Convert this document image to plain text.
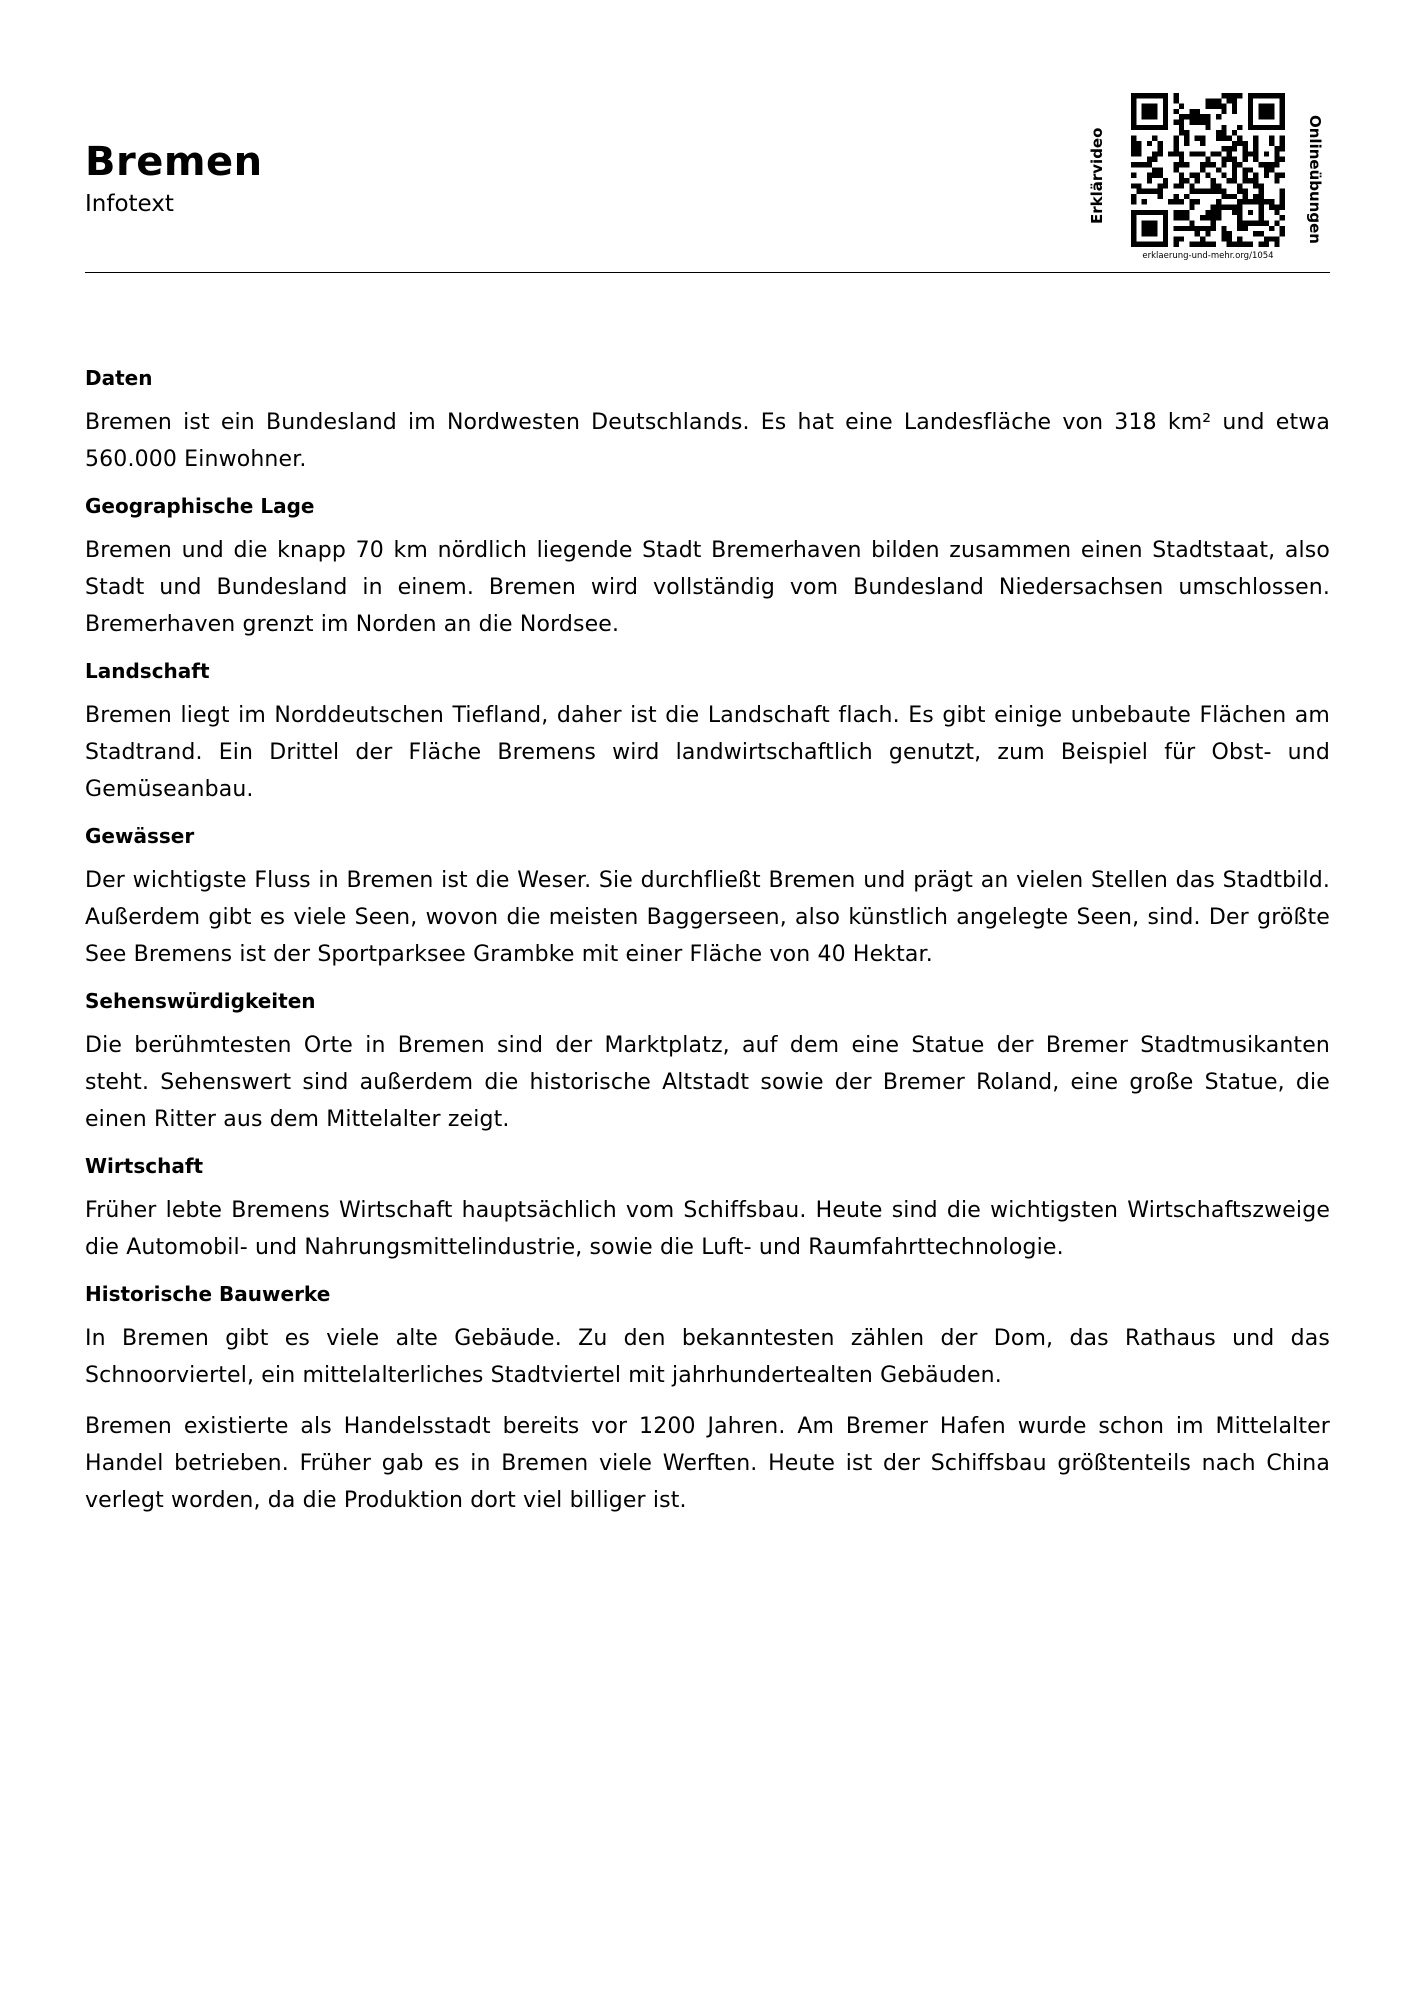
Bremen

Infotext	Erklärvideo	Onlineübungen
erklaerung-und-mehr.org/1054
Daten

Bremen ist ein Bundesland im Nordwesten Deutschlands. Es hat eine Landesfläche von 318 km² und etwa 560.000 Einwohner.

Geographische Lage

Bremen und die knapp 70 km nördlich liegende Stadt Bremerhaven bilden zusammen einen Stadtstaat, also Stadt und Bundesland in einem. Bremen wird vollständig vom Bundesland Niedersachsen umschlossen. Bremerhaven grenzt im Norden an die Nordsee.

Landschaft

Bremen liegt im Norddeutschen Tiefland, daher ist die Landschaft flach. Es gibt einige unbebaute Flächen am Stadtrand. Ein Drittel der Fläche Bremens wird landwirtschaftlich genutzt, zum Beispiel für Obst- und Gemüseanbau.

Gewässer

Der wichtigste Fluss in Bremen ist die Weser. Sie durchfließt Bremen und prägt an vielen Stellen das Stadtbild. Außerdem gibt es viele Seen, wovon die meisten Baggerseen, also künstlich angelegte Seen, sind. Der größte See Bremens ist der Sportparksee Grambke mit einer Fläche von 40 Hektar.

Sehenswürdigkeiten

Die berühmtesten Orte in Bremen sind der Marktplatz, auf dem eine Statue der Bremer Stadtmusikanten steht. Sehenswert sind außerdem die historische Altstadt sowie der Bremer Roland, eine große Statue, die einen Ritter aus dem Mittelalter zeigt.

Wirtschaft

Früher lebte Bremens Wirtschaft hauptsächlich vom Schiffsbau. Heute sind die wichtigsten Wirtschaftszweige die Automobil- und Nahrungsmittelindustrie, sowie die Luft- und Raumfahrttechnologie.

Historische Bauwerke

In Bremen gibt es viele alte Gebäude. Zu den bekanntesten zählen der Dom, das Rathaus und das Schnoorviertel, ein mittelalterliches Stadtviertel mit jahrhundertealten Gebäuden.

Bremen existierte als Handelsstadt bereits vor 1200 Jahren. Am Bremer Hafen wurde schon im Mittelalter Handel betrieben. Früher gab es in Bremen viele Werften. Heute ist der Schiffsbau größtenteils nach China verlegt worden, da die Produktion dort viel billiger ist.
